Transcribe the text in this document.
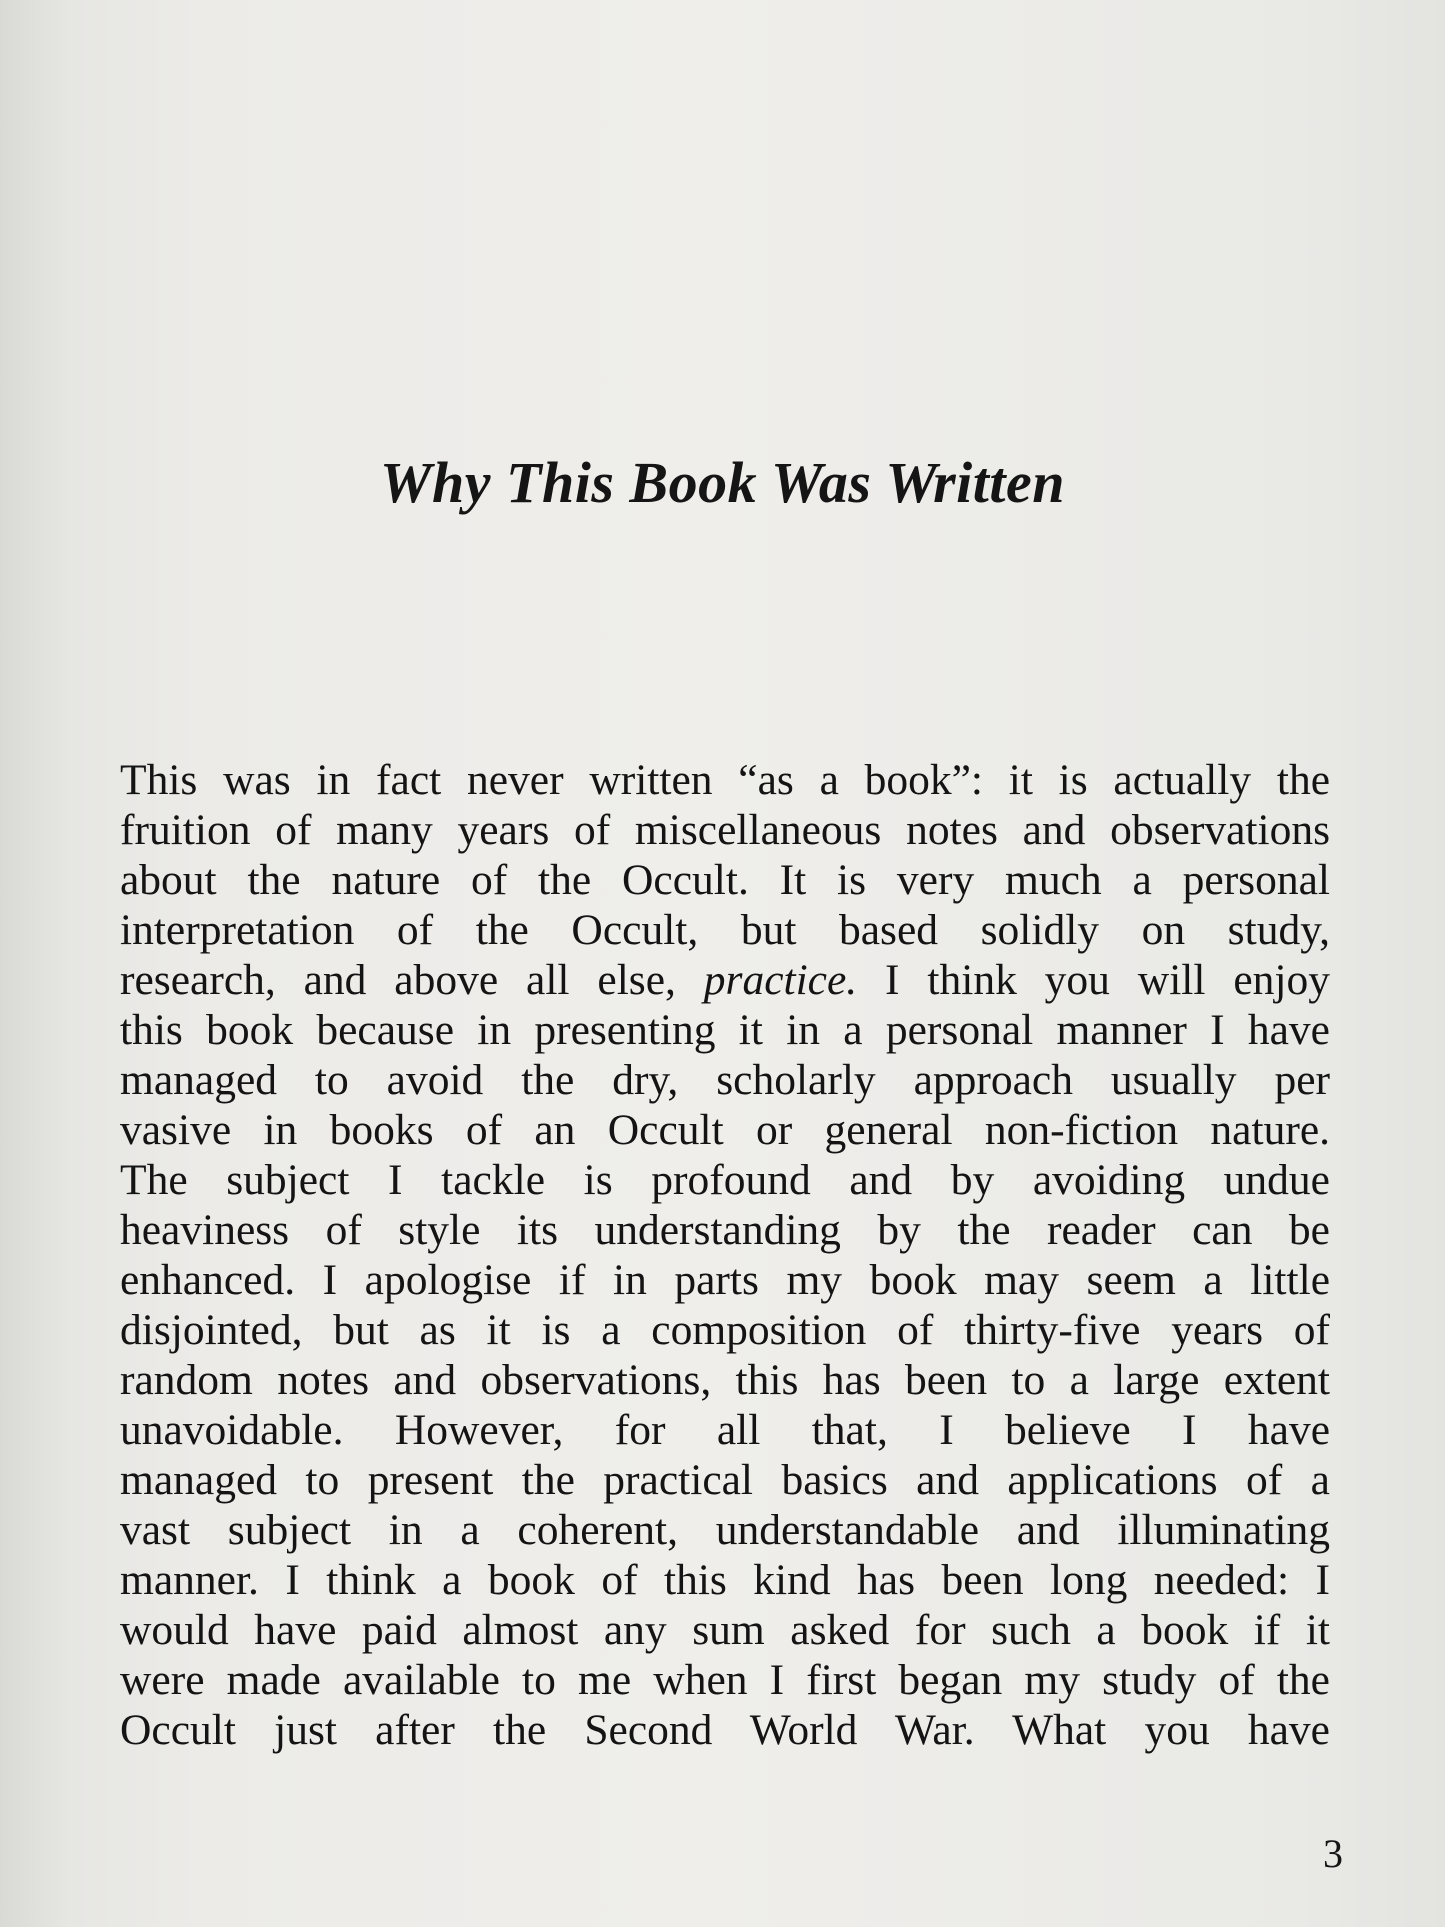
Why This Book Was Written
This was in fact never written “as a book”: it is actually the
fruition of many years of miscellaneous notes and observations
about the nature of the Occult. It is very much a personal
interpretation of the Occult, but based solidly on study,
research, and above all else, practice. I think you will enjoy
this book because in presenting it in a personal manner I have
managed to avoid the dry, scholarly approach usually per
vasive in books of an Occult or general non-fiction nature.
The subject I tackle is profound and by avoiding undue
heaviness of style its understanding by the reader can be
enhanced. I apologise if in parts my book may seem a little
disjointed, but as it is a composition of thirty-five years of
random notes and observations, this has been to a large extent
unavoidable. However, for all that, I believe I have
managed to present the practical basics and applications of a
vast subject in a coherent, understandable and illuminating
manner. I think a book of this kind has been long needed: I
would have paid almost any sum asked for such a book if it
were made available to me when I first began my study of the
Occult just after the Second World War. What you have
3
